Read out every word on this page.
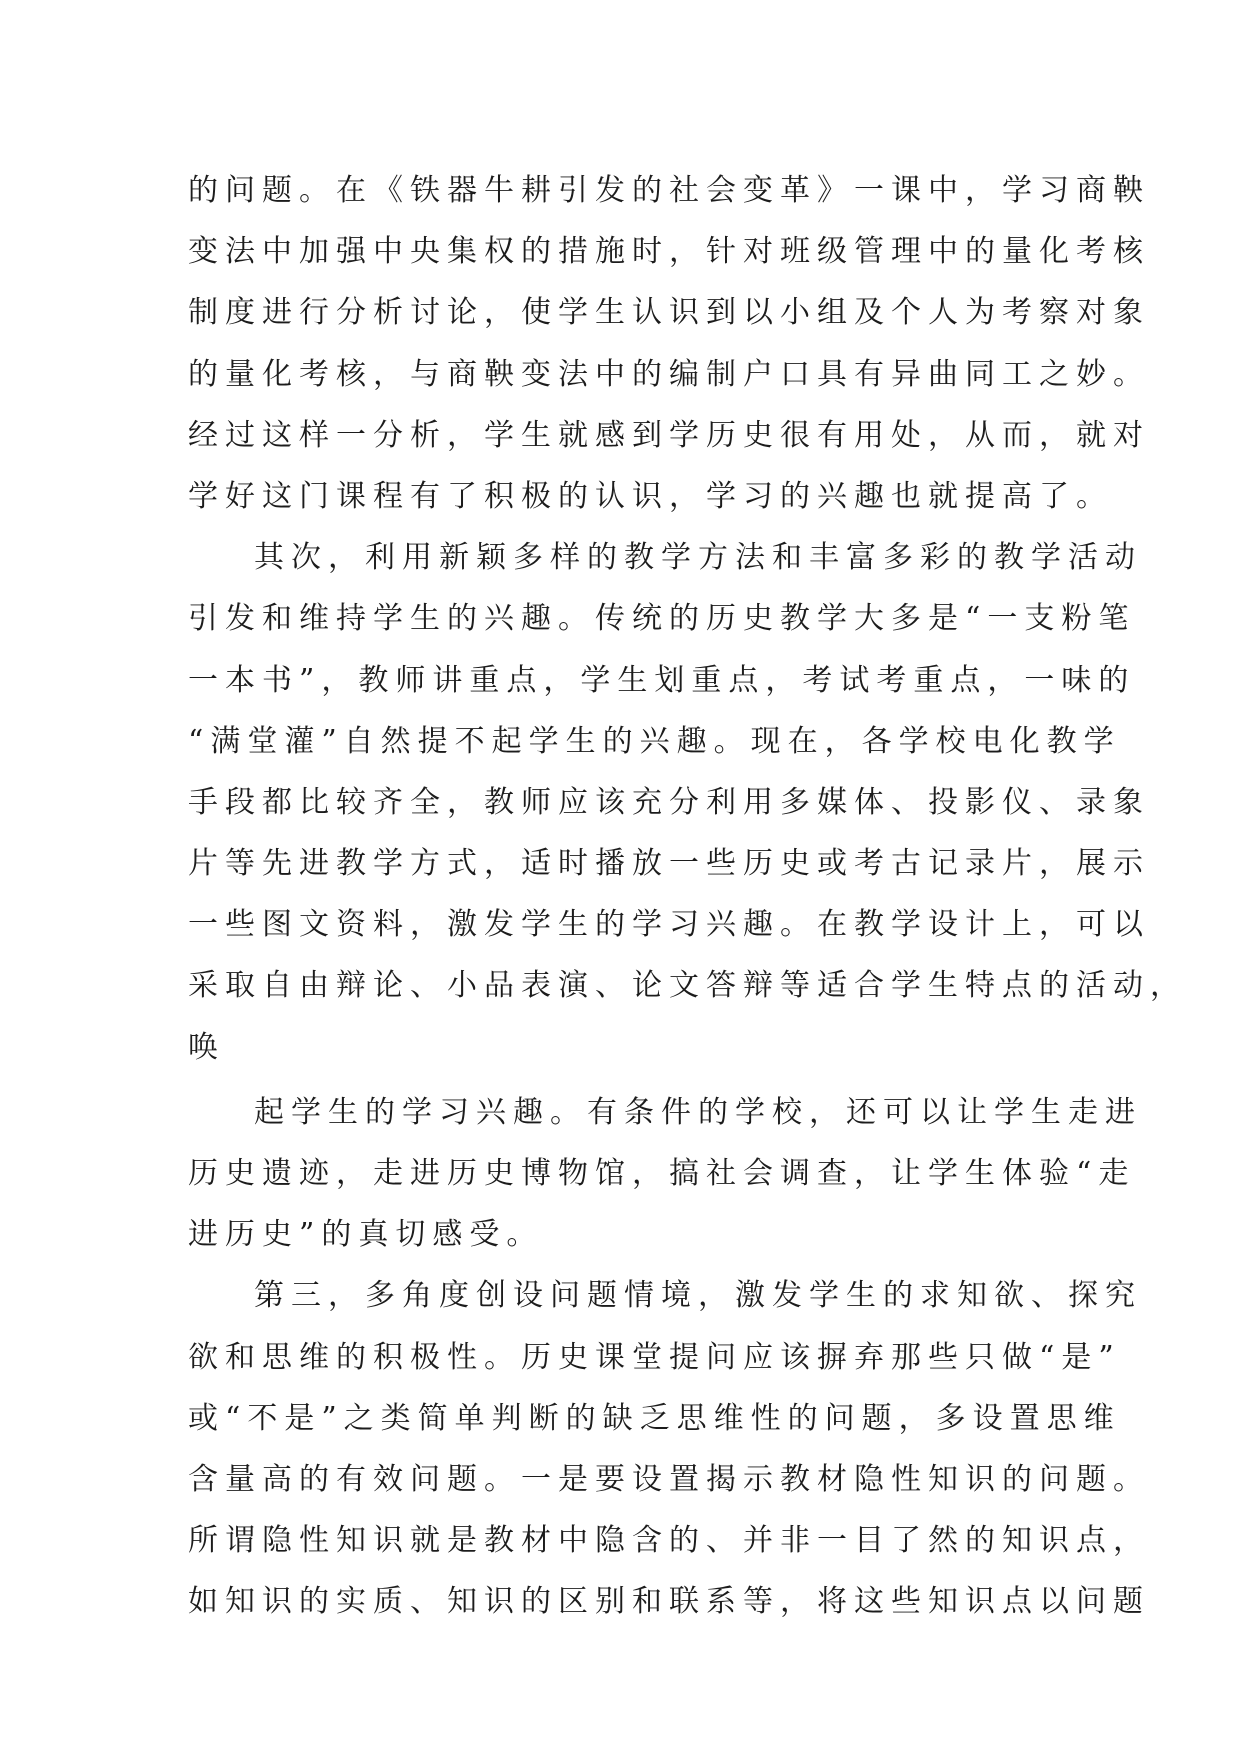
的问题。在《铁器牛耕引发的社会变革》一课中，学习商鞅
变法中加强中央集权的措施时，针对班级管理中的量化考核
制度进行分析讨论，使学生认识到以小组及个人为考察对象
的量化考核，与商鞅变法中的编制户口具有异曲同工之妙。
经过这样一分析，学生就感到学历史很有用处，从而，就对
学好这门课程有了积极的认识，学习的兴趣也就提高了。
其次，利用新颖多样的教学方法和丰富多彩的教学活动
引发和维持学生的兴趣。传统的历史教学大多是“一支粉笔
一本书”，教师讲重点，学生划重点，考试考重点，一味的
“满堂灌”自然提不起学生的兴趣。现在，各学校电化教学
手段都比较齐全，教师应该充分利用多媒体、投影仪、录象
片等先进教学方式，适时播放一些历史或考古记录片，展示
一些图文资料，激发学生的学习兴趣。在教学设计上，可以
采取自由辩论、小品表演、论文答辩等适合学生特点的活动，
唤
起学生的学习兴趣。有条件的学校，还可以让学生走进
历史遗迹，走进历史博物馆，搞社会调查，让学生体验“走
进历史”的真切感受。
第三，多角度创设问题情境，激发学生的求知欲、探究
欲和思维的积极性。历史课堂提问应该摒弃那些只做“是”
或“不是”之类简单判断的缺乏思维性的问题，多设置思维
含量高的有效问题。一是要设置揭示教材隐性知识的问题。
所谓隐性知识就是教材中隐含的、并非一目了然的知识点，
如知识的实质、知识的区别和联系等，将这些知识点以问题
